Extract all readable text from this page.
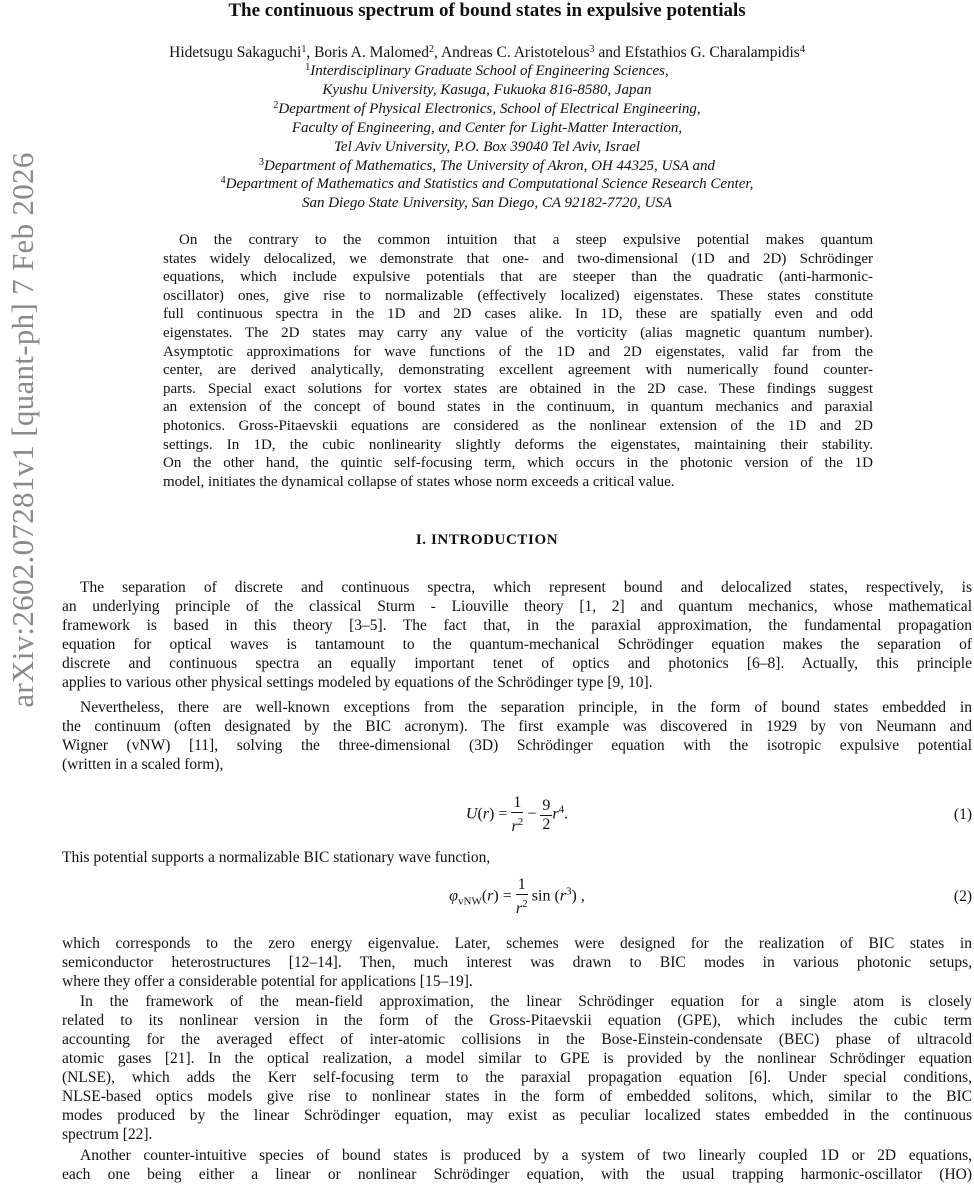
arXiv:2602.07281v1 [quant-ph] 7 Feb 2026
The continuous spectrum of bound states in expulsive potentials
Hidetsugu Sakaguchi$^1$, Boris A. Malomed$^2$, Andreas C. Aristotelous$^3$ and Efstathios G. Charalampidis$^4$
$^1$Interdisciplinary Graduate School of Engineering Sciences,
Kyushu University, Kasuga, Fukuoka 816-8580, Japan
$^2$Department of Physical Electronics, School of Electrical Engineering,
Faculty of Engineering, and Center for Light-Matter Interaction,
Tel Aviv University, P.O. Box 39040 Tel Aviv, Israel
$^3$Department of Mathematics, The University of Akron, OH 44325, USA and
$^4$Department of Mathematics and Statistics and Computational Science Research Center,
San Diego State University, San Diego, CA 92182-7720, USA
On the contrary to the common intuition that a steep expulsive potential makes quantum
states widely delocalized, we demonstrate that one- and two-dimensional (1D and 2D) Schrödinger
equations, which include expulsive potentials that are steeper than the quadratic (anti-harmonic-
oscillator) ones, give rise to normalizable (effectively localized) eigenstates. These states constitute
full continuous spectra in the 1D and 2D cases alike. In 1D, these are spatially even and odd
eigenstates. The 2D states may carry any value of the vorticity (alias magnetic quantum number).
Asymptotic approximations for wave functions of the 1D and 2D eigenstates, valid far from the
center, are derived analytically, demonstrating excellent agreement with numerically found counter-
parts. Special exact solutions for vortex states are obtained in the 2D case. These findings suggest
an extension of the concept of bound states in the continuum, in quantum mechanics and paraxial
photonics. Gross-Pitaevskii equations are considered as the nonlinear extension of the 1D and 2D
settings. In 1D, the cubic nonlinearity slightly deforms the eigenstates, maintaining their stability.
On the other hand, the quintic self-focusing term, which occurs in the photonic version of the 1D
model, initiates the dynamical collapse of states whose norm exceeds a critical value.
I. INTRODUCTION
The separation of discrete and continuous spectra, which represent bound and delocalized states, respectively, is
an underlying principle of the classical Sturm - Liouville theory [1, 2] and quantum mechanics, whose mathematical
framework is based in this theory [3–5]. The fact that, in the paraxial approximation, the fundamental propagation
equation for optical waves is tantamount to the quantum-mechanical Schrödinger equation makes the separation of
discrete and continuous spectra an equally important tenet of optics and photonics [6–8]. Actually, this principle
applies to various other physical settings modeled by equations of the Schrödinger type [9, 10].
Nevertheless, there are well-known exceptions from the separation principle, in the form of bound states embedded in
the continuum (often designated by the BIC acronym). The first example was discovered in 1929 by von Neumann and
Wigner (vNW) [11], solving the three-dimensional (3D) Schrödinger equation with the isotropic expulsive potential
(written in a scaled form),
$U(r) = \frac{1}{r^2} - \frac{9}{2} r^4$.	(1)
This potential supports a normalizable BIC stationary wave function,
$\varphi_{vNW}(r) = \frac{1}{r^2}$ $\sin (r^3)$ ,	(2)
which corresponds to the zero energy eigenvalue. Later, schemes were designed for the realization of BIC states in
semiconductor heterostructures [12–14]. Then, much interest was drawn to BIC modes in various photonic setups,
where they offer a considerable potential for applications [15–19].
In the framework of the mean-field approximation, the linear Schrödinger equation for a single atom is closely
related to its nonlinear version in the form of the Gross-Pitaevskii equation (GPE), which includes the cubic term
accounting for the averaged effect of inter-atomic collisions in the Bose-Einstein-condensate (BEC) phase of ultracold
atomic gases [21]. In the optical realization, a model similar to GPE is provided by the nonlinear Schrödinger equation
(NLSE), which adds the Kerr self-focusing term to the paraxial propagation equation [6]. Under special conditions,
NLSE-based optics models give rise to nonlinear states in the form of embedded solitons, which, similar to the BIC
modes produced by the linear Schrödinger equation, may exist as peculiar localized states embedded in the continuous
spectrum [22].
Another counter-intuitive species of bound states is produced by a system of two linearly coupled 1D or 2D equations,
each one being either a linear or nonlinear Schrödinger equation, with the usual trapping harmonic-oscillator (HO)
